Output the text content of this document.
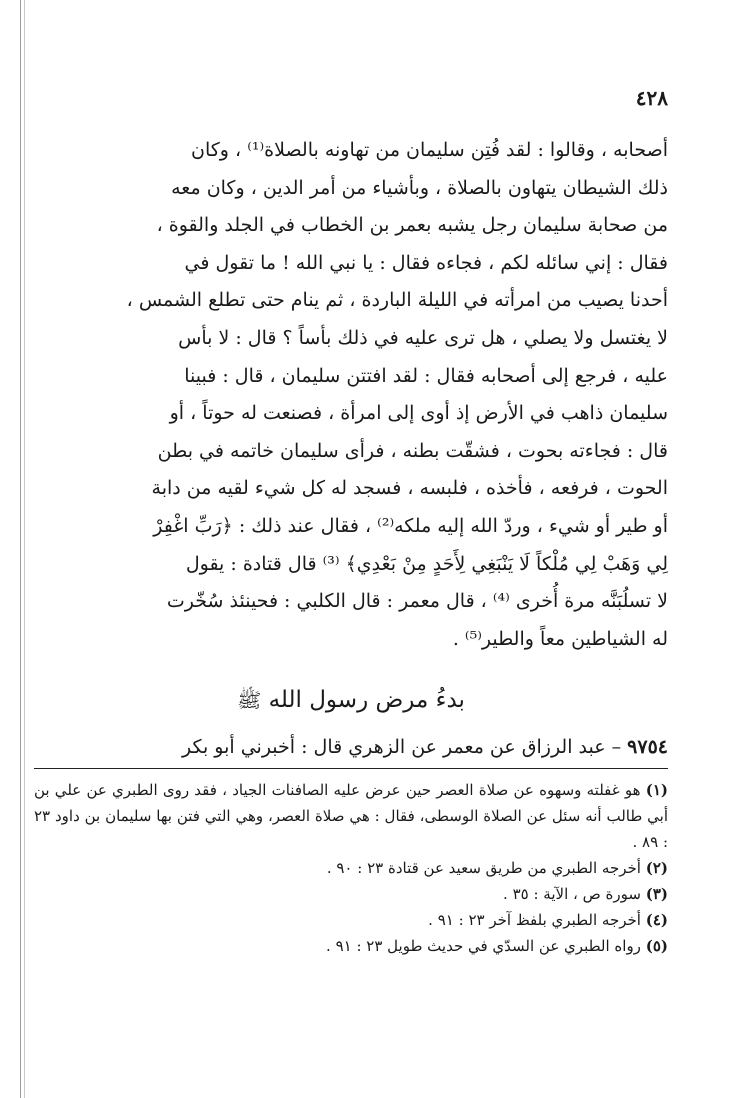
٤٢٨

أصحابه ، وقالوا : لقد فُتِن سليمان من تهاونه بالصلاة⁽¹⁾ ، وكان

ذلك الشيطان يتهاون بالصلاة ، وبأشياء من أمر الدين ، وكان معه

من صحابة سليمان رجل يشبه بعمر بن الخطاب في الجلد والقوة ،

فقال : إني سائله لكم ، فجاءه فقال : يا نبي الله ! ما تقول في

أحدنا يصيب من امرأته في الليلة الباردة ، ثم ينام حتى تطلع الشمس ،

لا يغتسل ولا يصلي ، هل ترى عليه في ذلك بأساً ؟ قال : لا بأس

عليه ، فرجع إلى أصحابه فقال : لقد افتتن سليمان ، قال : فبينا

سليمان ذاهب في الأرض إذ أوى إلى امرأة ، فصنعت له حوتاً ، أو

قال : فجاءته بحوت ، فشقّت بطنه ، فرأى سليمان خاتمه في بطن

الحوت ، فرفعه ، فأخذه ، فلبسه ، فسجد له كل شيء لقيه من دابة

أو طير أو شيء ، وردّ الله إليه ملكه⁽²⁾ ، فقال عند ذلك : ﴿رَبِّ اغْفِرْ

لِي وَهَبْ لِي مُلْكاً لَا يَنْبَغِي لِأَحَدٍ مِنْ بَعْدِي﴾ ⁽³⁾ قال قتادة : يقول

لا تسلُبَنَّه مرة أُخرى ⁽⁴⁾ ، قال معمر : قال الكلبي : فحينئذ سُخّرت

له الشياطين معاً والطير⁽⁵⁾ .

بدءُ مرض رسول الله ﷺ

٩٧٥٤ – عبد الرزاق عن معمر عن الزهري قال : أخبرني أبو بكر

(١) هو غفلته وسهوه عن صلاة العصر حين عرض عليه الصافنات الجياد ، فقد روى الطبري عن علي بن أبي طالب أنه سئل عن الصلاة الوسطى، فقال : هي صلاة العصر، وهي التي فتن بها سليمان بن داود ٢٣ : ٨٩ .

(٢) أخرجه الطبري من طريق سعيد عن قتادة ٢٣ : ٩٠ .

(٣) سورة ص ، الآية : ٣٥ .

(٤) أخرجه الطبري بلفظ آخر ٢٣ : ٩١ .

(٥) رواه الطبري عن السدّي في حديث طويل ٢٣ : ٩١ .
